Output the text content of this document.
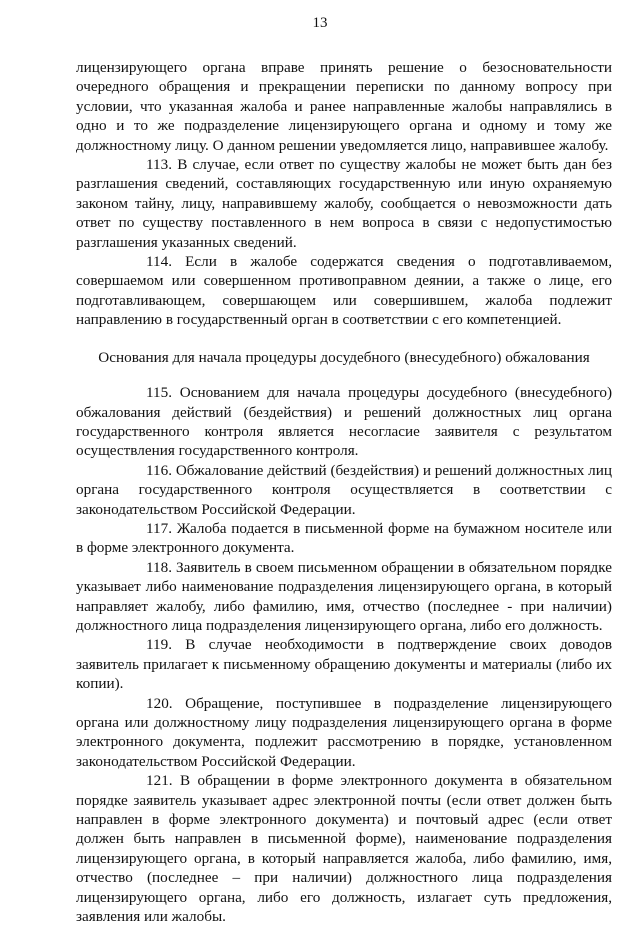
13

лицензирующего органа вправе принять решение о безосновательности очередного обращения и прекращении переписки по данному вопросу при условии, что указанная жалоба и ранее направленные жалобы направлялись в одно и то же подразделение лицензирующего органа и одному и тому же должностному лицу. О данном решении уведомляется лицо, направившее жалобу.

113. В случае, если ответ по существу жалобы не может быть дан без разглашения сведений, составляющих государственную или иную охраняемую законом тайну, лицу, направившему жалобу, сообщается о невозможности дать ответ по существу поставленного в нем вопроса в связи с недопустимостью разглашения указанных сведений.

114. Если в жалобе содержатся сведения о подготавливаемом, совершаемом или совершенном противоправном деянии, а также о лице, его подготавливающем, совершающем или совершившем, жалоба подлежит направлению в государственный орган в соответствии с его компетенцией.

Основания для начала процедуры досудебного (внесудебного) обжалования

115. Основанием для начала процедуры досудебного (внесудебного) обжалования действий (бездействия) и решений должностных лиц органа государственного контроля является несогласие заявителя с результатом осуществления государственного контроля.

116. Обжалование действий (бездействия) и решений должностных лиц органа государственного контроля осуществляется в соответствии с законодательством Российской Федерации.

117. Жалоба подается в письменной форме на бумажном носителе или в форме электронного документа.

118. Заявитель в своем письменном обращении в обязательном порядке указывает либо наименование подразделения лицензирующего органа, в который направляет жалобу, либо фамилию, имя, отчество (последнее - при наличии) должностного лица подразделения лицензирующего органа, либо его должность.

119. В случае необходимости в подтверждение своих доводов заявитель прилагает к письменному обращению документы и материалы (либо их копии).

120. Обращение, поступившее в подразделение лицензирующего органа или должностному лицу подразделения лицензирующего органа в форме электронного документа, подлежит рассмотрению в порядке, установленном законодательством Российской Федерации.

121. В обращении в форме электронного документа в обязательном порядке заявитель указывает адрес электронной почты (если ответ должен быть направлен в форме электронного документа) и почтовый адрес (если ответ должен быть направлен в письменной форме), наименование подразделения лицензирующего органа, в который направляется жалоба, либо фамилию, имя, отчество (последнее – при наличии) должностного лица подразделения лицензирующего органа, либо его должность, излагает суть предложения, заявления или жалобы.
